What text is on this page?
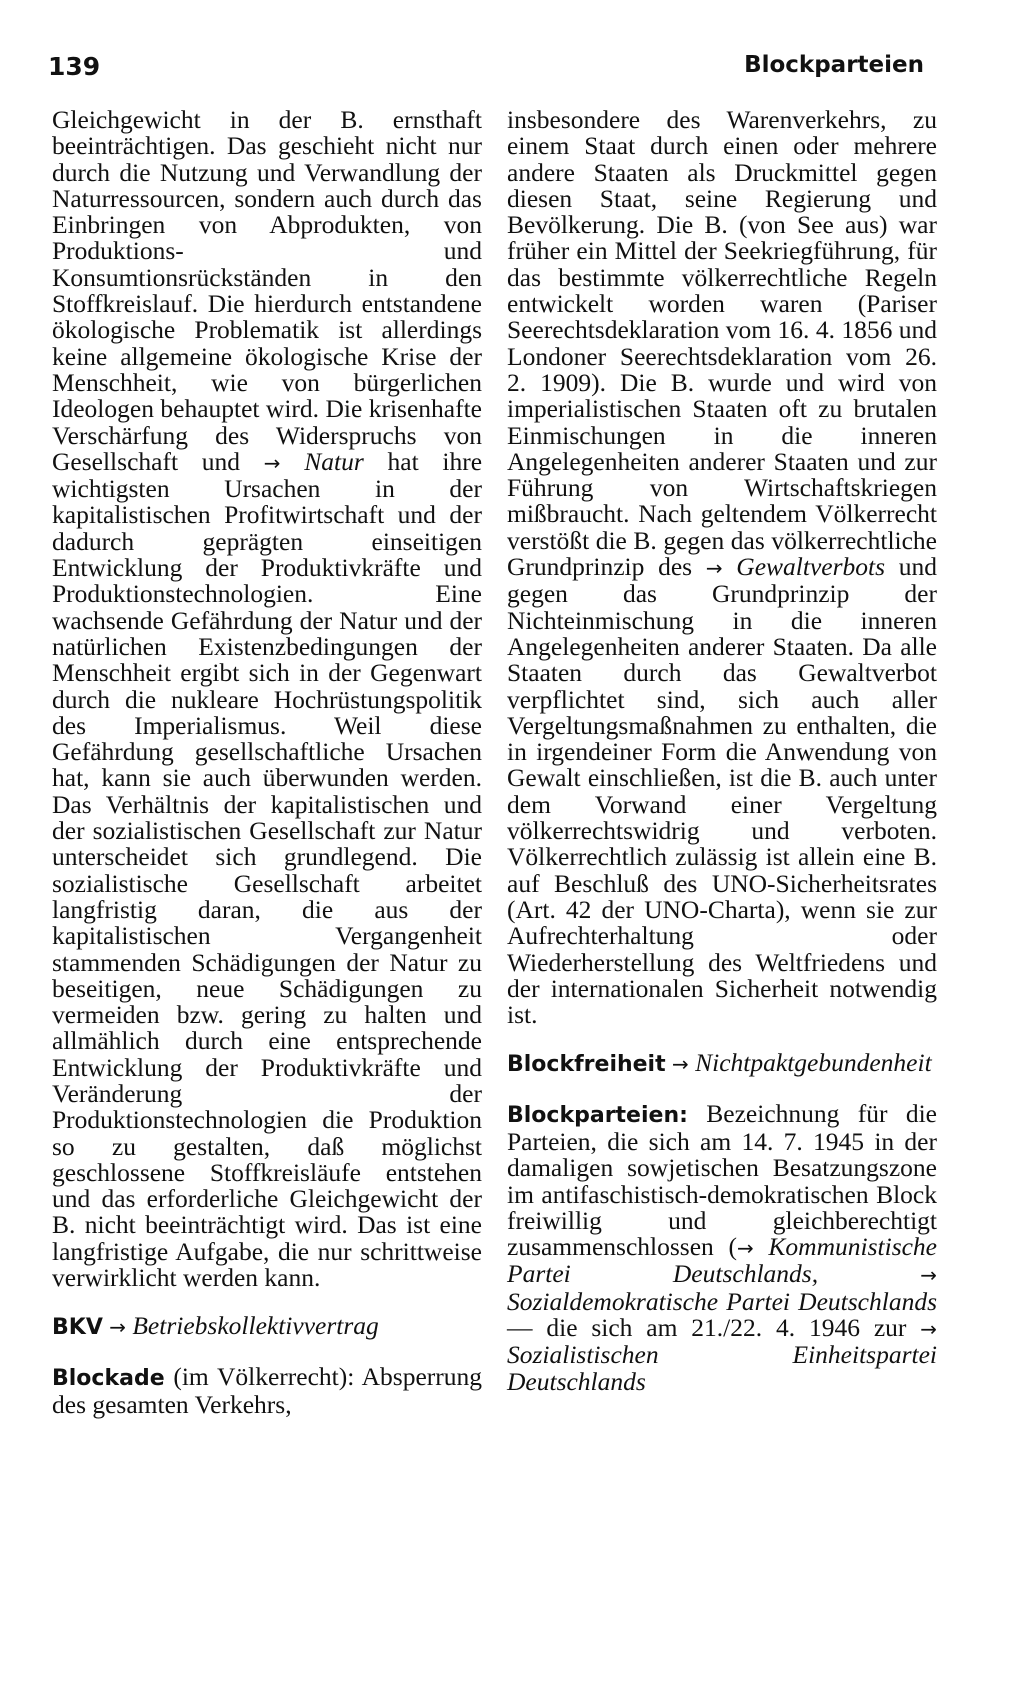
139	Blockparteien

Gleichgewicht in der B. ernsthaft beeinträchtigen. Das geschieht nicht nur durch die Nutzung und Verwandlung der Naturressourcen, sondern auch durch das Einbringen von Abprodukten, von Produktions- und Konsumtionsrückständen in den Stoffkreislauf. Die hierdurch entstandene ökologische Problematik ist allerdings keine allgemeine ökologische Krise der Menschheit, wie von bürgerlichen Ideologen behauptet wird. Die krisenhafte Verschärfung des Widerspruchs von Gesellschaft und → Natur hat ihre wichtigsten Ursachen in der kapitalistischen Profitwirtschaft und der dadurch geprägten einseitigen Entwicklung der Produktivkräfte und Produktionstechnologien. Eine wachsende Gefährdung der Natur und der natürlichen Existenzbedingungen der Menschheit ergibt sich in der Gegenwart durch die nukleare Hochrüstungspolitik des Imperialismus. Weil diese Gefährdung gesellschaftliche Ursachen hat, kann sie auch überwunden werden. Das Verhältnis der kapitalistischen und der sozialistischen Gesellschaft zur Natur unterscheidet sich grundlegend. Die sozialistische Gesellschaft arbeitet langfristig daran, die aus der kapitalistischen Vergangenheit stammenden Schädigungen der Natur zu beseitigen, neue Schädigungen zu vermeiden bzw. gering zu halten und allmählich durch eine entsprechende Entwicklung der Produktivkräfte und Veränderung der Produktionstechnologien die Produktion so zu gestalten, daß möglichst geschlossene Stoffkreisläufe entstehen und das erforderliche Gleichgewicht der B. nicht beeinträchtigt wird. Das ist eine langfristige Aufgabe, die nur schrittweise verwirklicht werden kann.

BKV → Betriebskollektivvertrag

Blockade (im Völkerrecht): Absperrung des gesamten Verkehrs,

insbesondere des Warenverkehrs, zu einem Staat durch einen oder mehrere andere Staaten als Druckmittel gegen diesen Staat, seine Regierung und Bevölkerung. Die B. (von See aus) war früher ein Mittel der Seekriegführung, für das bestimmte völkerrechtliche Regeln entwickelt worden waren (Pariser Seerechtsdeklaration vom 16. 4. 1856 und Londoner Seerechtsdeklaration vom 26. 2. 1909). Die B. wurde und wird von imperialistischen Staaten oft zu brutalen Einmischungen in die inneren Angelegenheiten anderer Staaten und zur Führung von Wirtschaftskriegen mißbraucht. Nach geltendem Völkerrecht verstößt die B. gegen das völkerrechtliche Grundprinzip des → Gewaltverbots und gegen das Grundprinzip der Nichteinmischung in die inneren Angelegenheiten anderer Staaten. Da alle Staaten durch das Gewaltverbot verpflichtet sind, sich auch aller Vergeltungsmaßnahmen zu enthalten, die in irgendeiner Form die Anwendung von Gewalt einschließen, ist die B. auch unter dem Vorwand einer Vergeltung völkerrechtswidrig und verboten. Völkerrechtlich zulässig ist allein eine B. auf Beschluß des UNO-Sicherheitsrates (Art. 42 der UNO-Charta), wenn sie zur Aufrechterhaltung oder Wiederherstellung des Weltfriedens und der internationalen Sicherheit notwendig ist.

Blockfreiheit → Nichtpaktgebundenheit

Blockparteien: Bezeichnung für die Parteien, die sich am 14. 7. 1945 in der damaligen sowjetischen Besatzungszone im antifaschistisch-demokratischen Block freiwillig und gleichberechtigt zusammenschlossen (→ Kommunistische Partei Deutschlands,	→ Sozialdemokratische Partei Deutschlands — die sich am 21./22. 4. 1946 zur → Sozialistischen Einheitspartei Deutschlands
